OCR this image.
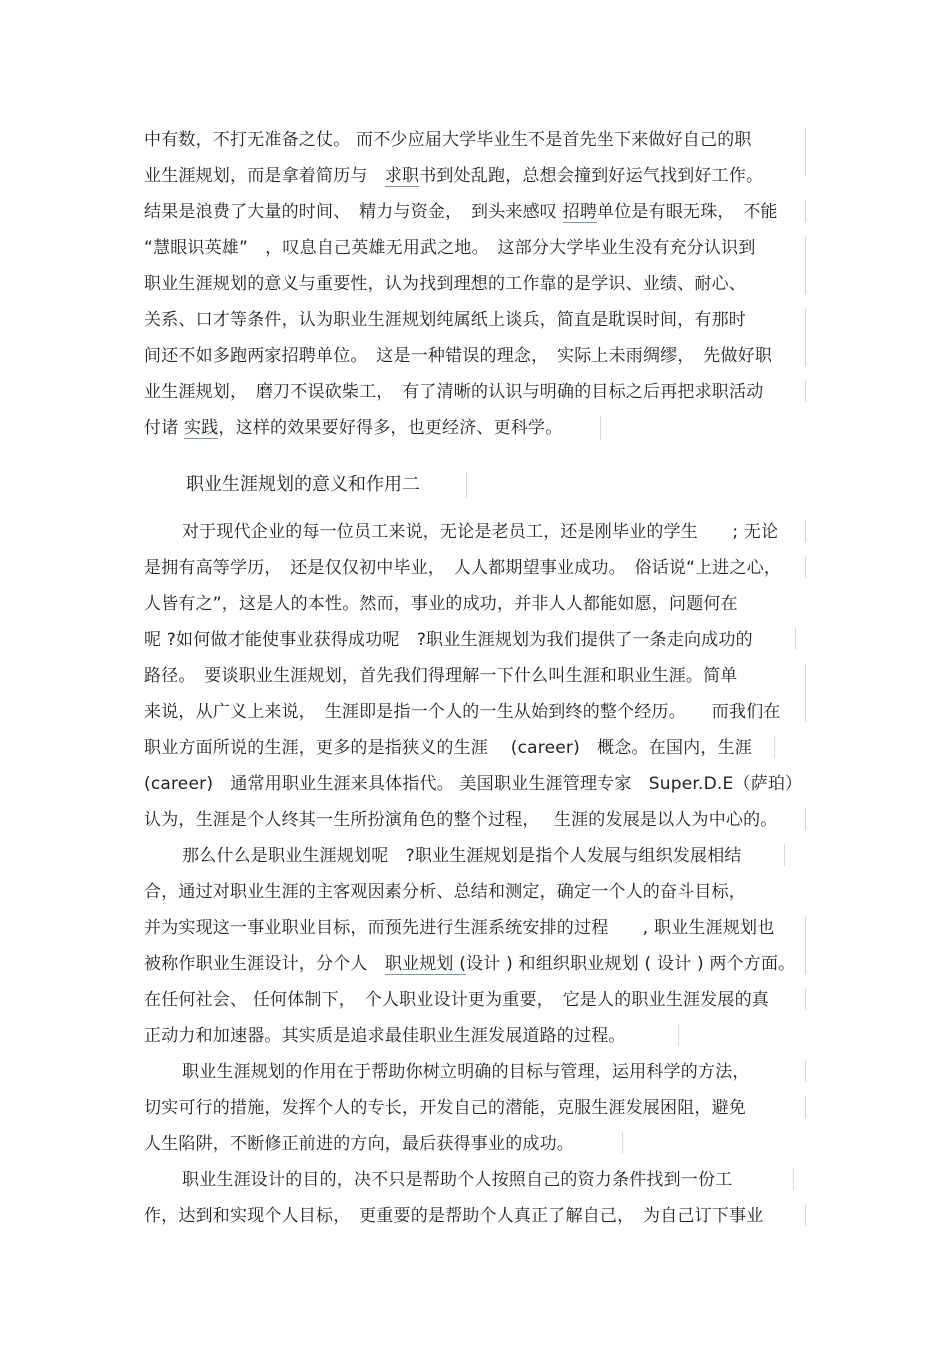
中有数，不打无准备之仗。 而不少应届大学毕业生不是首先坐下来做好自己的职
业生涯规划，而是拿着简历与　求职书到处乱跑，总想会撞到好运气找到好工作。
结果是浪费了大量的时间、　精力与资金，　到头来感叹 招聘单位是有眼无珠，　不能
“慧眼识英雄”　，叹息自己英雄无用武之地。　这部分大学毕业生没有充分认识到
职业生涯规划的意义与重要性，认为找到理想的工作靠的是学识、业绩、耐心、
关系、口才等条件，认为职业生涯规划纯属纸上谈兵，简直是耽误时间，有那时
间还不如多跑两家招聘单位。　这是一种错误的理念，　实际上未雨绸缪，　先做好职
业生涯规划，　磨刀不误砍柴工，　有了清晰的认识与明确的目标之后再把求职活动
付诸 实践，这样的效果要好得多，也更经济、更科学。
职业生涯规划的意义和作用二
对于现代企业的每一位员工来说，无论是老员工，还是刚毕业的学生　　; 无论
是拥有高等学历，　还是仅仅初中毕业，　人人都期望事业成功。　俗话说“上进之心，
人皆有之”，这是人的本性。然而，事业的成功，并非人人都能如愿，问题何在
呢 ?如何做才能使事业获得成功呢　?职业生涯规划为我们提供了一条走向成功的
路径。　要谈职业生涯规划，首先我们得理解一下什么叫生涯和职业生涯。简单
来说，从广义上来说，　生涯即是指一个人的一生从始到终的整个经历。　　而我们在
职业方面所说的生涯，更多的是指狭义的生涯　 (career)　概念。在国内，生涯
(career)　通常用职业生涯来具体指代。 美国职业生涯管理专家　Super.D.E（萨珀）
认为，生涯是个人终其一生所扮演角色的整个过程，　 生涯的发展是以人为中心的。
那么什么是职业生涯规划呢　?职业生涯规划是指个人发展与组织发展相结
合，通过对职业生涯的主客观因素分析、总结和测定，确定一个人的奋斗目标，
并为实现这一事业职业目标，而预先进行生涯系统安排的过程　　, 职业生涯规划也
被称作职业生涯设计，分个人　职业规划 (设计 ) 和组织职业规划 ( 设计 ) 两个方面。
在任何社会、 任何体制下，　个人职业设计更为重要，　它是人的职业生涯发展的真
正动力和加速器。其实质是追求最佳职业生涯发展道路的过程。
职业生涯规划的作用在于帮助你树立明确的目标与管理，运用科学的方法，
切实可行的措施，发挥个人的专长，开发自己的潜能，克服生涯发展困阻，避免
人生陷阱，不断修正前进的方向，最后获得事业的成功。
职业生涯设计的目的，决不只是帮助个人按照自己的资力条件找到一份工
作，达到和实现个人目标，　更重要的是帮助个人真正了解自己，　为自己订下事业
